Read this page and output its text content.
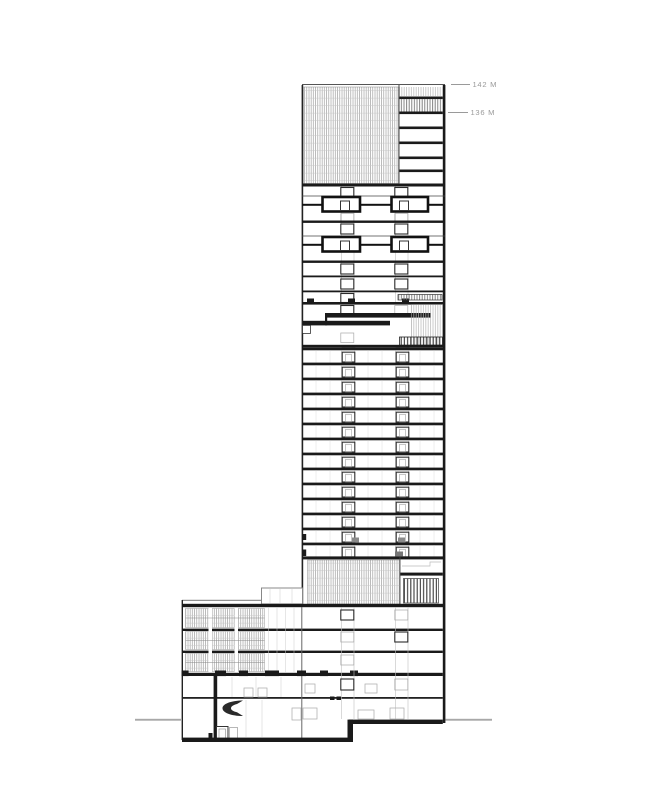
142 М
136 М
